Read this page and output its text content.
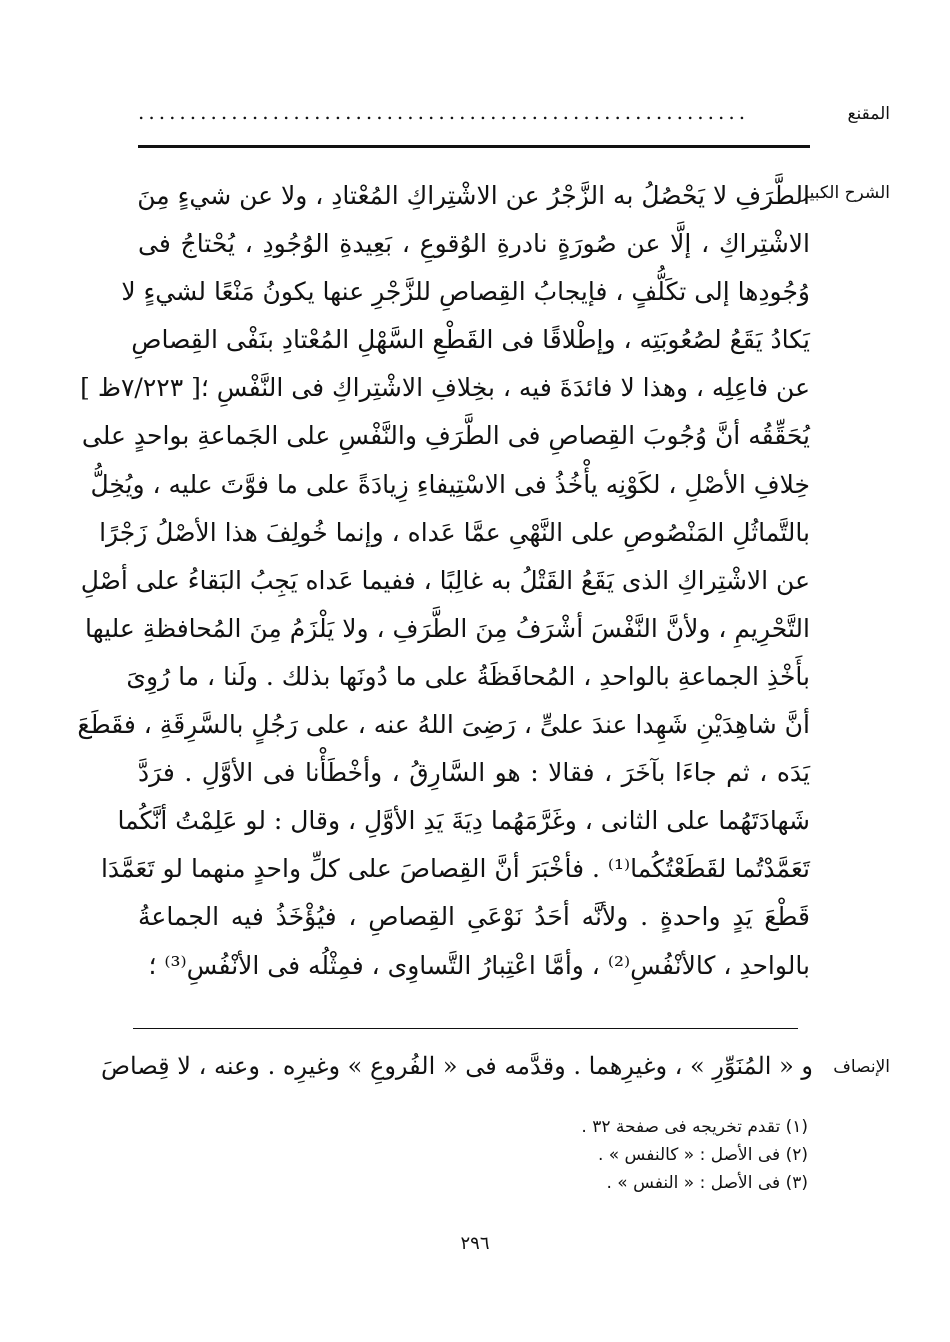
المقنع
...........................................................
الشرح الكبير
الطَّرَفِ لا يَحْصُلُ به الزَّجْرُ عن الاشْتِراكِ المُعْتادِ ، ولا عن شيءٍ مِنَ
الاشْتِراكِ ، إلَّا عن صُورَةٍ نادرةِ الوُقوعِ ، بَعِيدةِ الوُجُودِ ، يُحْتاجُ فى
وُجُودِها إلى تكَلُّفٍ ، فإيجابُ القِصاصِ للزَّجْرِ عنها يكونُ مَنْعًا لشيءٍ لا
يَكادُ يَقَعُ لصُعُوبَتِه ، وإطْلاقًا فى القَطْعِ السَّهْلِ المُعْتادِ بنَفْى القِصاصِ
عن فاعِلِه ، وهذا لا فائدَةَ فيه ، بخِلافِ الاشْتِراكِ فى النَّفْسِ ؛[ ٧/٢٢٣ظ ]
يُحَقِّقُه أنَّ وُجُوبَ القِصاصِ فى الطَّرَفِ والنَّفْسِ على الجَماعةِ بواحدٍ على
خِلافِ الأصْلِ ، لكَوْنِه يأْخُذُ فى الاسْتِيفاءِ زِيادَةً على ما فوَّتَ عليه ، ويُخِلُّ
بالتَّماثُلِ المَنْصُوصِ على النَّهْىِ عمَّا عَداه ، وإنما خُولِفَ هذا الأصْلُ زَجْرًا
عن الاشْتِراكِ الذى يَقَعُ القَتْلُ به غالِبًا ، ففيما عَداه يَجِبُ البَقاءُ على أصْلِ
التَّحْرِيمِ ، ولأنَّ النَّفْسَ أشْرَفُ مِنَ الطَّرَفِ ، ولا يَلْزَمُ مِنَ المُحافظةِ عليها
بأَخْذِ الجماعةِ بالواحدِ ، المُحافَظَةُ على ما دُونَها بذلك . ولَنا ، ما رُوِىَ
أنَّ شاهِدَيْنِ شَهِدا عندَ علىٍّ ، رَضِىَ اللهُ عنه ، على رَجُلٍ بالسَّرِقَةِ ، فقَطَعَ
يَدَه ، ثم جاءَا بآخَرَ ، فقالا : هو السَّارِقُ ، وأخْطَأْنا فى الأوَّلِ . فرَدَّ
شَهادَتَهُما على الثانى ، وغَرَّمَهُما دِيَةَ يَدِ الأوَّلِ ، وقال : لو عَلِمْتُ أنَّكُما
تَعَمَّدْتُما لقَطَعْتُكُما⁽¹⁾ . فأخْبَرَ أنَّ القِصاصَ على كلِّ واحدٍ منهما لو تَعَمَّدَا
قَطْعَ يَدٍ واحدةٍ . ولأنَّه أحَدُ نَوْعَىِ القِصاصِ ، فيُؤْخَذُ فيه الجماعةُ
بالواحدِ ، كالأنْفُسِ⁽²⁾ ، وأمَّا اعْتِبارُ التَّساوِى ، فمِثْلُه فى الأنْفُسِ⁽³⁾ ؛
الإنصاف
و « المُنَوِّرِ » ، وغيرِهما . وقدَّمه فى « الفُروعِ » وغيرِه . وعنه ، لا قِصاصَ
(١) تقدم تخريجه فى صفحة ٣٢ .
(٢) فى الأصل : « كالنفس » .
(٣) فى الأصل : « النفس » .
٢٩٦
